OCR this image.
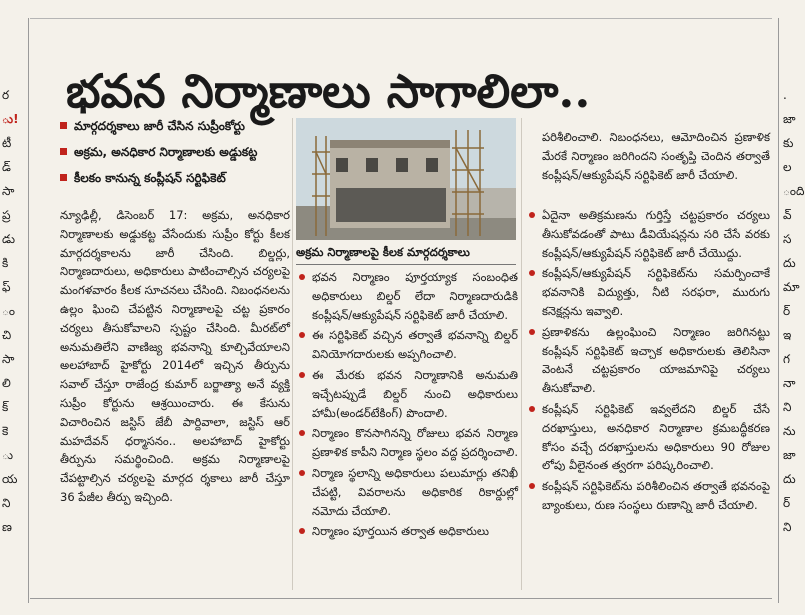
ర
ు!
టీ
డ్
సా
ప్ర
డు
కి
ఫ్
ం
చి
సా
లి
క్
కె
ు
య
ని
ణ
.
జా
కు
ల
ంది
వ్
స
దు
మా
ర్
ఇ
గ
నా
ని
ను
జా
దు
ర్
ని
భవన నిర్మాణాలు సాగాలిలా..
మార్గదర్శకాలు జారీ చేసిన సుప్రీంకోర్టు
అక్రమ, అనధికార నిర్మాణాలకు అడ్డుకట్ట
కీలకం కానున్న కంప్లీషన్ సర్టిఫికెట్
న్యూఢిల్లీ, డిసెంబర్ 17: అక్రమ, అనధికార నిర్మాణాలకు అడ్డుకట్ట వేసేందుకు సుప్రీం కోర్టు కీలక మార్గదర్శకాలను జారీ చేసింది. బిల్డర్లు, నిర్మాణదారులు, అధికారులు పాటించాల్సిన చర్యలపై మంగళవారం కీలక సూచనలు చేసింది. నిబంధనలను ఉల్లం ఘించి చేపట్టిన నిర్మాణాలపై చట్ట ప్రకారం చర్యలు తీసుకోవాలని స్పష్టం చేసింది. మీరట్‌లో అనుమతిలేని వాణిజ్య భవనాన్ని కూల్చివేయాలని అలహాబాద్ హైకోర్టు 2014లో ఇచ్చిన తీర్పును సవాల్ చేస్తూ రాజేంద్ర కుమార్ బర్జాత్యా అనే వ్యక్తి సుప్రీం కోర్టును ఆశ్రయించారు. ఈ కేసును విచారించిన జస్టిస్ జేబీ పార్దివాలా, జస్టిస్ ఆర్ మహదేవన్ ధర్మాసనం.. అలహాబాద్ హైకోర్టు తీర్పును సమర్థించింది. అక్రమ నిర్మాణాలపై చేపట్టాల్సిన చర్యలపై మార్గద ర్శకాలు జారీ చేస్తూ 36 పేజీల తీర్పు ఇచ్చింది.
అక్రమ నిర్మాణాలపై కీలక మార్గదర్శకాలు
భవన నిర్మాణం పూర్తయ్యాక సంబంధిత అధికారులు బిల్డర్ లేదా నిర్మాణదారుడికి కంప్లీషన్/ఆక్యుపేషన్ సర్టిఫికెట్ జారీ చేయాలి.
ఈ సర్టిఫికెట్ వచ్చిన తర్వాతే భవనాన్ని బిల్డర్ వినియోగదారులకు అప్పగించాలి.
ఈ మేరకు భవన నిర్మాణానికి అనుమతి ఇచ్చేటప్పుడే బిల్డర్ నుంచి అధికారులు హామీ(అండర్‌టేకింగ్) పొందాలి.
నిర్మాణం కొనసాగినన్ని రోజులు భవన నిర్మాణ ప్రణాళిక కాపీని నిర్మాణ స్థలం వద్ద ప్రదర్శించాలి.
నిర్మాణ స్థలాన్ని అధికారులు పలుమార్లు తనిఖీ చేపట్టి, వివరాలను అధికారిక రికార్డుల్లో నమోదు చేయాలి.
నిర్మాణం పూర్తయిన తర్వాత అధికారులు
పరిశీలించాలి. నిబంధనలు, ఆమోదించిన ప్రణాళిక మేరకే నిర్మాణం జరిగిందని సంతృప్తి చెందిన తర్వాతే కంప్లీషన్/ఆక్యుపేషన్ సర్టిఫికెట్ జారీ చేయాలి.
ఏదైనా అతిక్రమణను గుర్తిస్తే చట్టప్రకారం చర్యలు తీసుకోవడంతో పాటు డీవియేషన్లను సరి చేసే వరకు కంప్లీషన్/ఆక్యుపేషన్ సర్టిఫికెట్ జారీ చేయొద్దు.
కంప్లీషన్/ఆక్యుపేషన్ సర్టిఫికెట్‌ను సమర్పించాకే భవనానికి విద్యుత్తు, నీటి సరఫరా, మురుగు కనెక్షన్లను ఇవ్వాలి.
ప్రణాళికను ఉల్లంఘించి నిర్మాణం జరిగినట్టు కంప్లీషన్ సర్టిఫికెట్ ఇచ్చాక అధికారులకు తెలిసినా వెంటనే చట్టప్రకారం యాజమానిపై చర్యలు తీసుకోవాలి.
కంప్లీషన్ సర్టిఫికెట్ ఇవ్వలేదని బిల్డర్ చేసే దరఖాస్తులు, అనధికార నిర్మాణాల క్రమబద్ధీకరణ కోసం వచ్చే దరఖాస్తులను అధికారులు 90 రోజుల లోపు వీలైనంత త్వరగా పరిష్కరించాలి.
కంప్లీషన్ సర్టిఫికెట్‌ను పరిశీలించిన తర్వాతే భవనంపై బ్యాంకులు, రుణ సంస్థలు రుణాన్ని జారీ చేయాలి.
